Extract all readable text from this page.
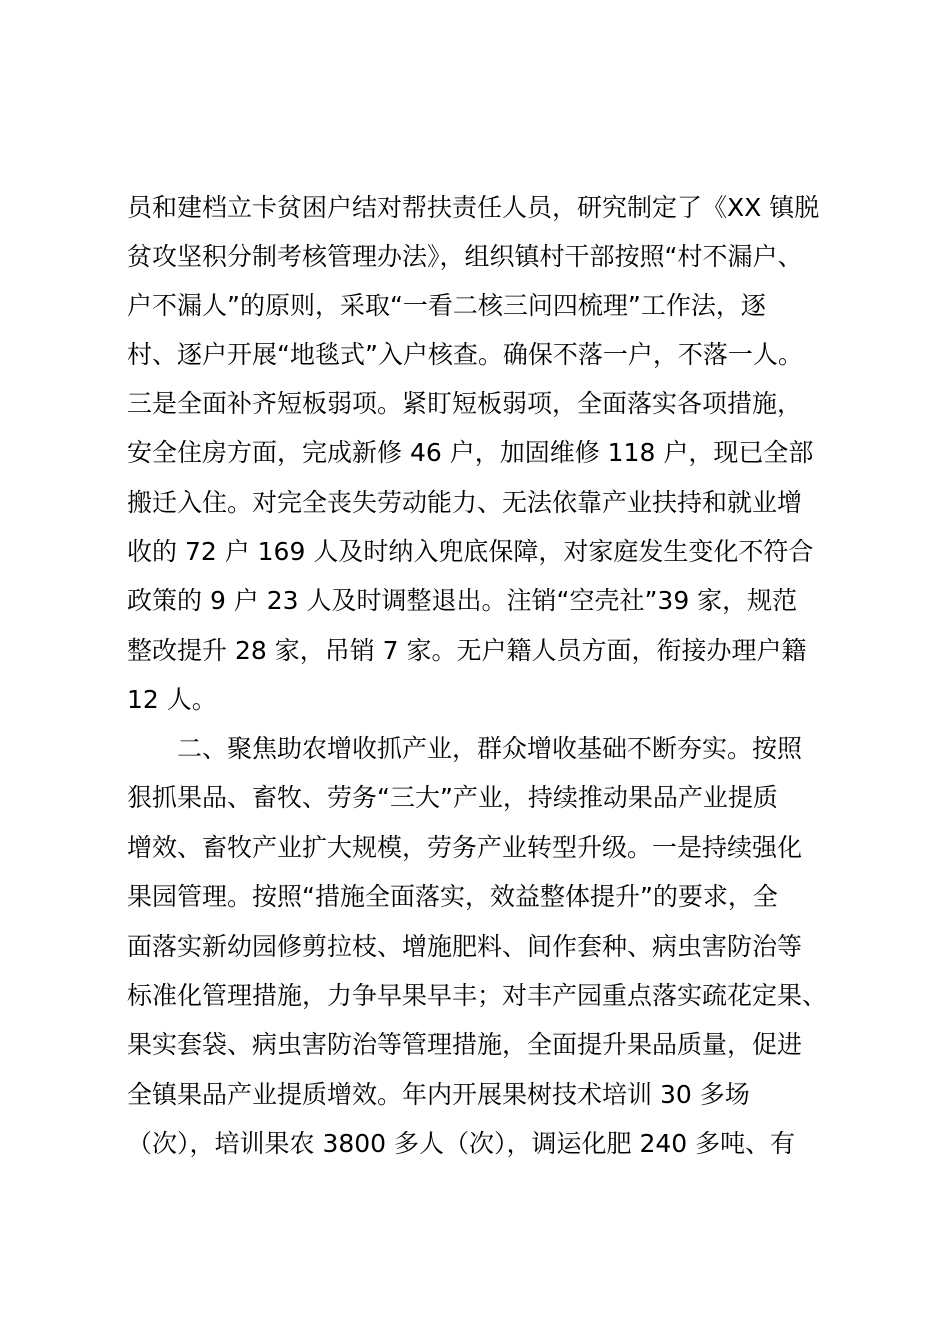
员和建档立卡贫困户结对帮扶责任人员，研究制定了《XX 镇脱
贫攻坚积分制考核管理办法》，组织镇村干部按照“村不漏户、
户不漏人”的原则，采取“一看二核三问四梳理”工作法，逐
村、逐户开展“地毯式”入户核查。确保不落一户，不落一人。
三是全面补齐短板弱项。紧盯短板弱项，全面落实各项措施，
安全住房方面，完成新修 46 户，加固维修 118 户，现已全部
搬迁入住。对完全丧失劳动能力、无法依靠产业扶持和就业增
收的 72 户 169 人及时纳入兜底保障，对家庭发生变化不符合
政策的 9 户 23 人及时调整退出。注销“空壳社”39 家，规范
整改提升 28 家，吊销 7 家。无户籍人员方面，衔接办理户籍
12 人。
　　二、聚焦助农增收抓产业，群众增收基础不断夯实。按照
狠抓果品、畜牧、劳务“三大”产业，持续推动果品产业提质
增效、畜牧产业扩大规模，劳务产业转型升级。一是持续强化
果园管理。按照“措施全面落实，效益整体提升”的要求，全
面落实新幼园修剪拉枝、增施肥料、间作套种、病虫害防治等
标准化管理措施，力争早果早丰；对丰产园重点落实疏花定果、
果实套袋、病虫害防治等管理措施，全面提升果品质量，促进
全镇果品产业提质增效。年内开展果树技术培训 30 多场
（次），培训果农 3800 多人（次），调运化肥 240 多吨、有
